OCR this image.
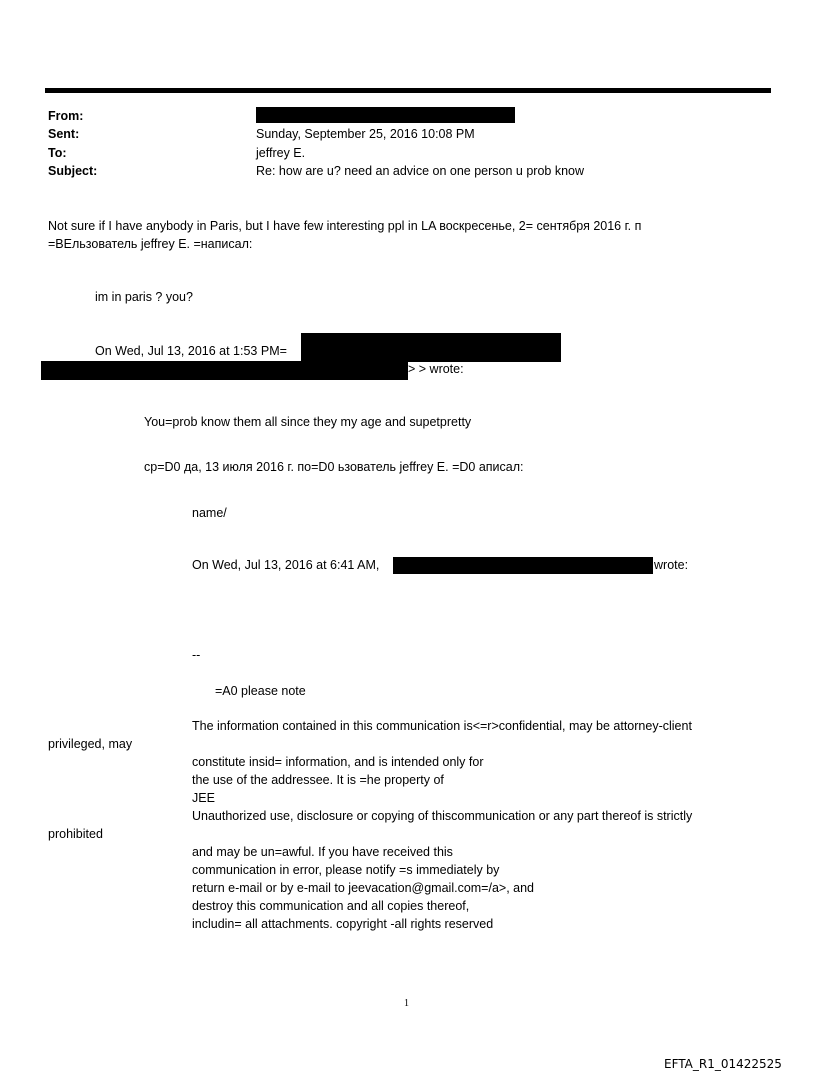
From:
Sent:	Sunday, September 25, 2016 10:08 PM
To:	jeffrey E.
Subject:	Re: how are u? need an advice on one person u prob know
Not sure if I have anybody in Paris, but I have few interesting ppl in LA воскресенье, 2= сентября 2016 г. п
=ВЕльзователь jeffrey E. =написал:
im in paris ? you?
On Wed, Jul 13, 2016 at 1:53 PM=
> > wrote:
You=prob know them all since they my age and supetpretty
ср=D0 да, 13 июля 2016 г. по=D0 ьзователь jeffrey E. =D0 аписал:
name/
On Wed, Jul 13, 2016 at 6:41 AM,	wrote:
--
=A0 please note
The information contained in this communication is<=r>confidential, may be attorney-client
privileged, may
constitute insid= information, and is intended only for
the use of the addressee. It is =he property of
JEE
Unauthorized use, disclosure or copying of thiscommunication or any part thereof is strictly
prohibited
and may be un=awful. If you have received this
communication in error, please notify =s immediately by
return e-mail or by e-mail to jeevacation@gmail.com=/a>, and
destroy this communication and all copies thereof,
includin= all attachments. copyright -all rights reserved
1
EFTA_R1_01422525
